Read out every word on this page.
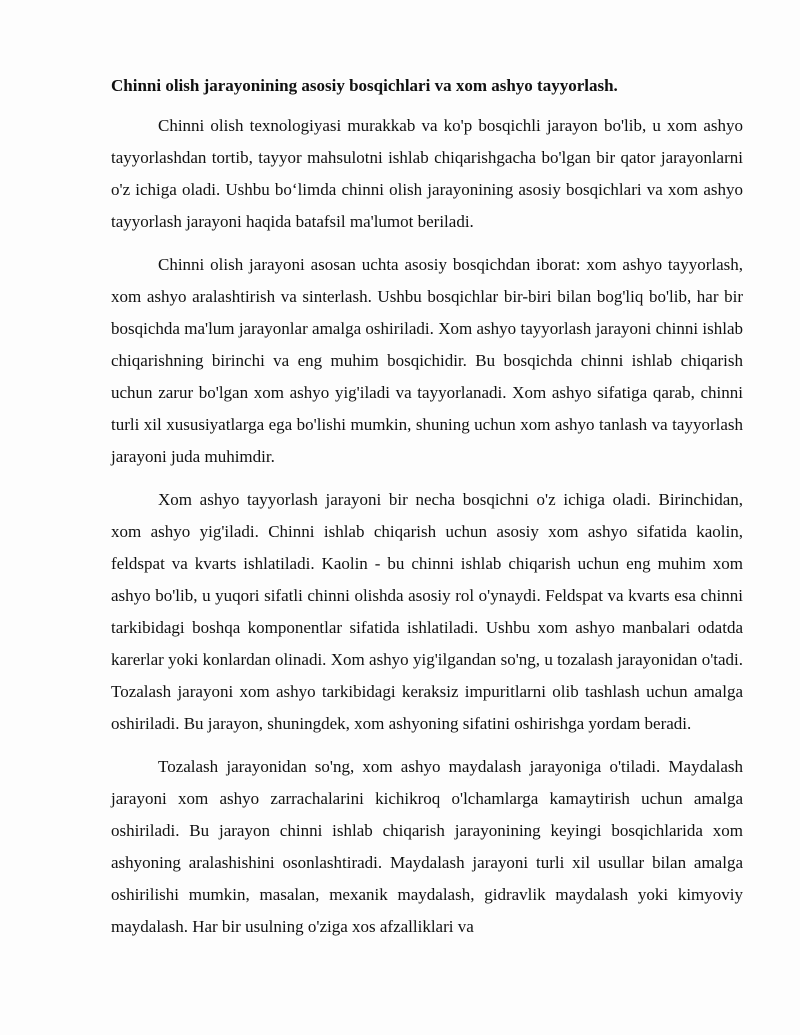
Chinni olish jarayonining asosiy bosqichlari va xom ashyo tayyorlash.

Chinni olish texnologiyasi murakkab va ko'p bosqichli jarayon bo'lib, u xom ashyo tayyorlashdan tortib, tayyor mahsulotni ishlab chiqarishgacha bo'lgan bir qator jarayonlarni o'z ichiga oladi. Ushbu bo‘limda chinni olish jarayonining asosiy bosqichlari va xom ashyo tayyorlash jarayoni haqida batafsil ma'lumot beriladi.

Chinni olish jarayoni asosan uchta asosiy bosqichdan iborat: xom ashyo tayyorlash, xom ashyo aralashtirish va sinterlash. Ushbu bosqichlar bir-biri bilan bog'liq bo'lib, har bir bosqichda ma'lum jarayonlar amalga oshiriladi. Xom ashyo tayyorlash jarayoni chinni ishlab chiqarishning birinchi va eng muhim bosqichidir. Bu bosqichda chinni ishlab chiqarish uchun zarur bo'lgan xom ashyo yig'iladi va tayyorlanadi. Xom ashyo sifatiga qarab, chinni turli xil xususiyatlarga ega bo'lishi mumkin, shuning uchun xom ashyo tanlash va tayyorlash jarayoni juda muhimdir.

Xom ashyo tayyorlash jarayoni bir necha bosqichni o'z ichiga oladi. Birinchidan, xom ashyo yig'iladi. Chinni ishlab chiqarish uchun asosiy xom ashyo sifatida kaolin, feldspat va kvarts ishlatiladi. Kaolin - bu chinni ishlab chiqarish uchun eng muhim xom ashyo bo'lib, u yuqori sifatli chinni olishda asosiy rol o'ynaydi. Feldspat va kvarts esa chinni tarkibidagi boshqa komponentlar sifatida ishlatiladi. Ushbu xom ashyo manbalari odatda karerlar yoki konlardan olinadi. Xom ashyo yig'ilgandan so'ng, u tozalash jarayonidan o'tadi. Tozalash jarayoni xom ashyo tarkibidagi keraksiz impuritlarni olib tashlash uchun amalga oshiriladi. Bu jarayon, shuningdek, xom ashyoning sifatini oshirishga yordam beradi.

Tozalash jarayonidan so'ng, xom ashyo maydalash jarayoniga o'tiladi. Maydalash jarayoni xom ashyo zarrachalarini kichikroq o'lchamlarga kamaytirish uchun amalga oshiriladi. Bu jarayon chinni ishlab chiqarish jarayonining keyingi bosqichlarida xom ashyoning aralashishini osonlashtiradi. Maydalash jarayoni turli xil usullar bilan amalga oshirilishi mumkin, masalan, mexanik maydalash, gidravlik maydalash yoki kimyoviy maydalash. Har bir usulning o'ziga xos afzalliklari va
